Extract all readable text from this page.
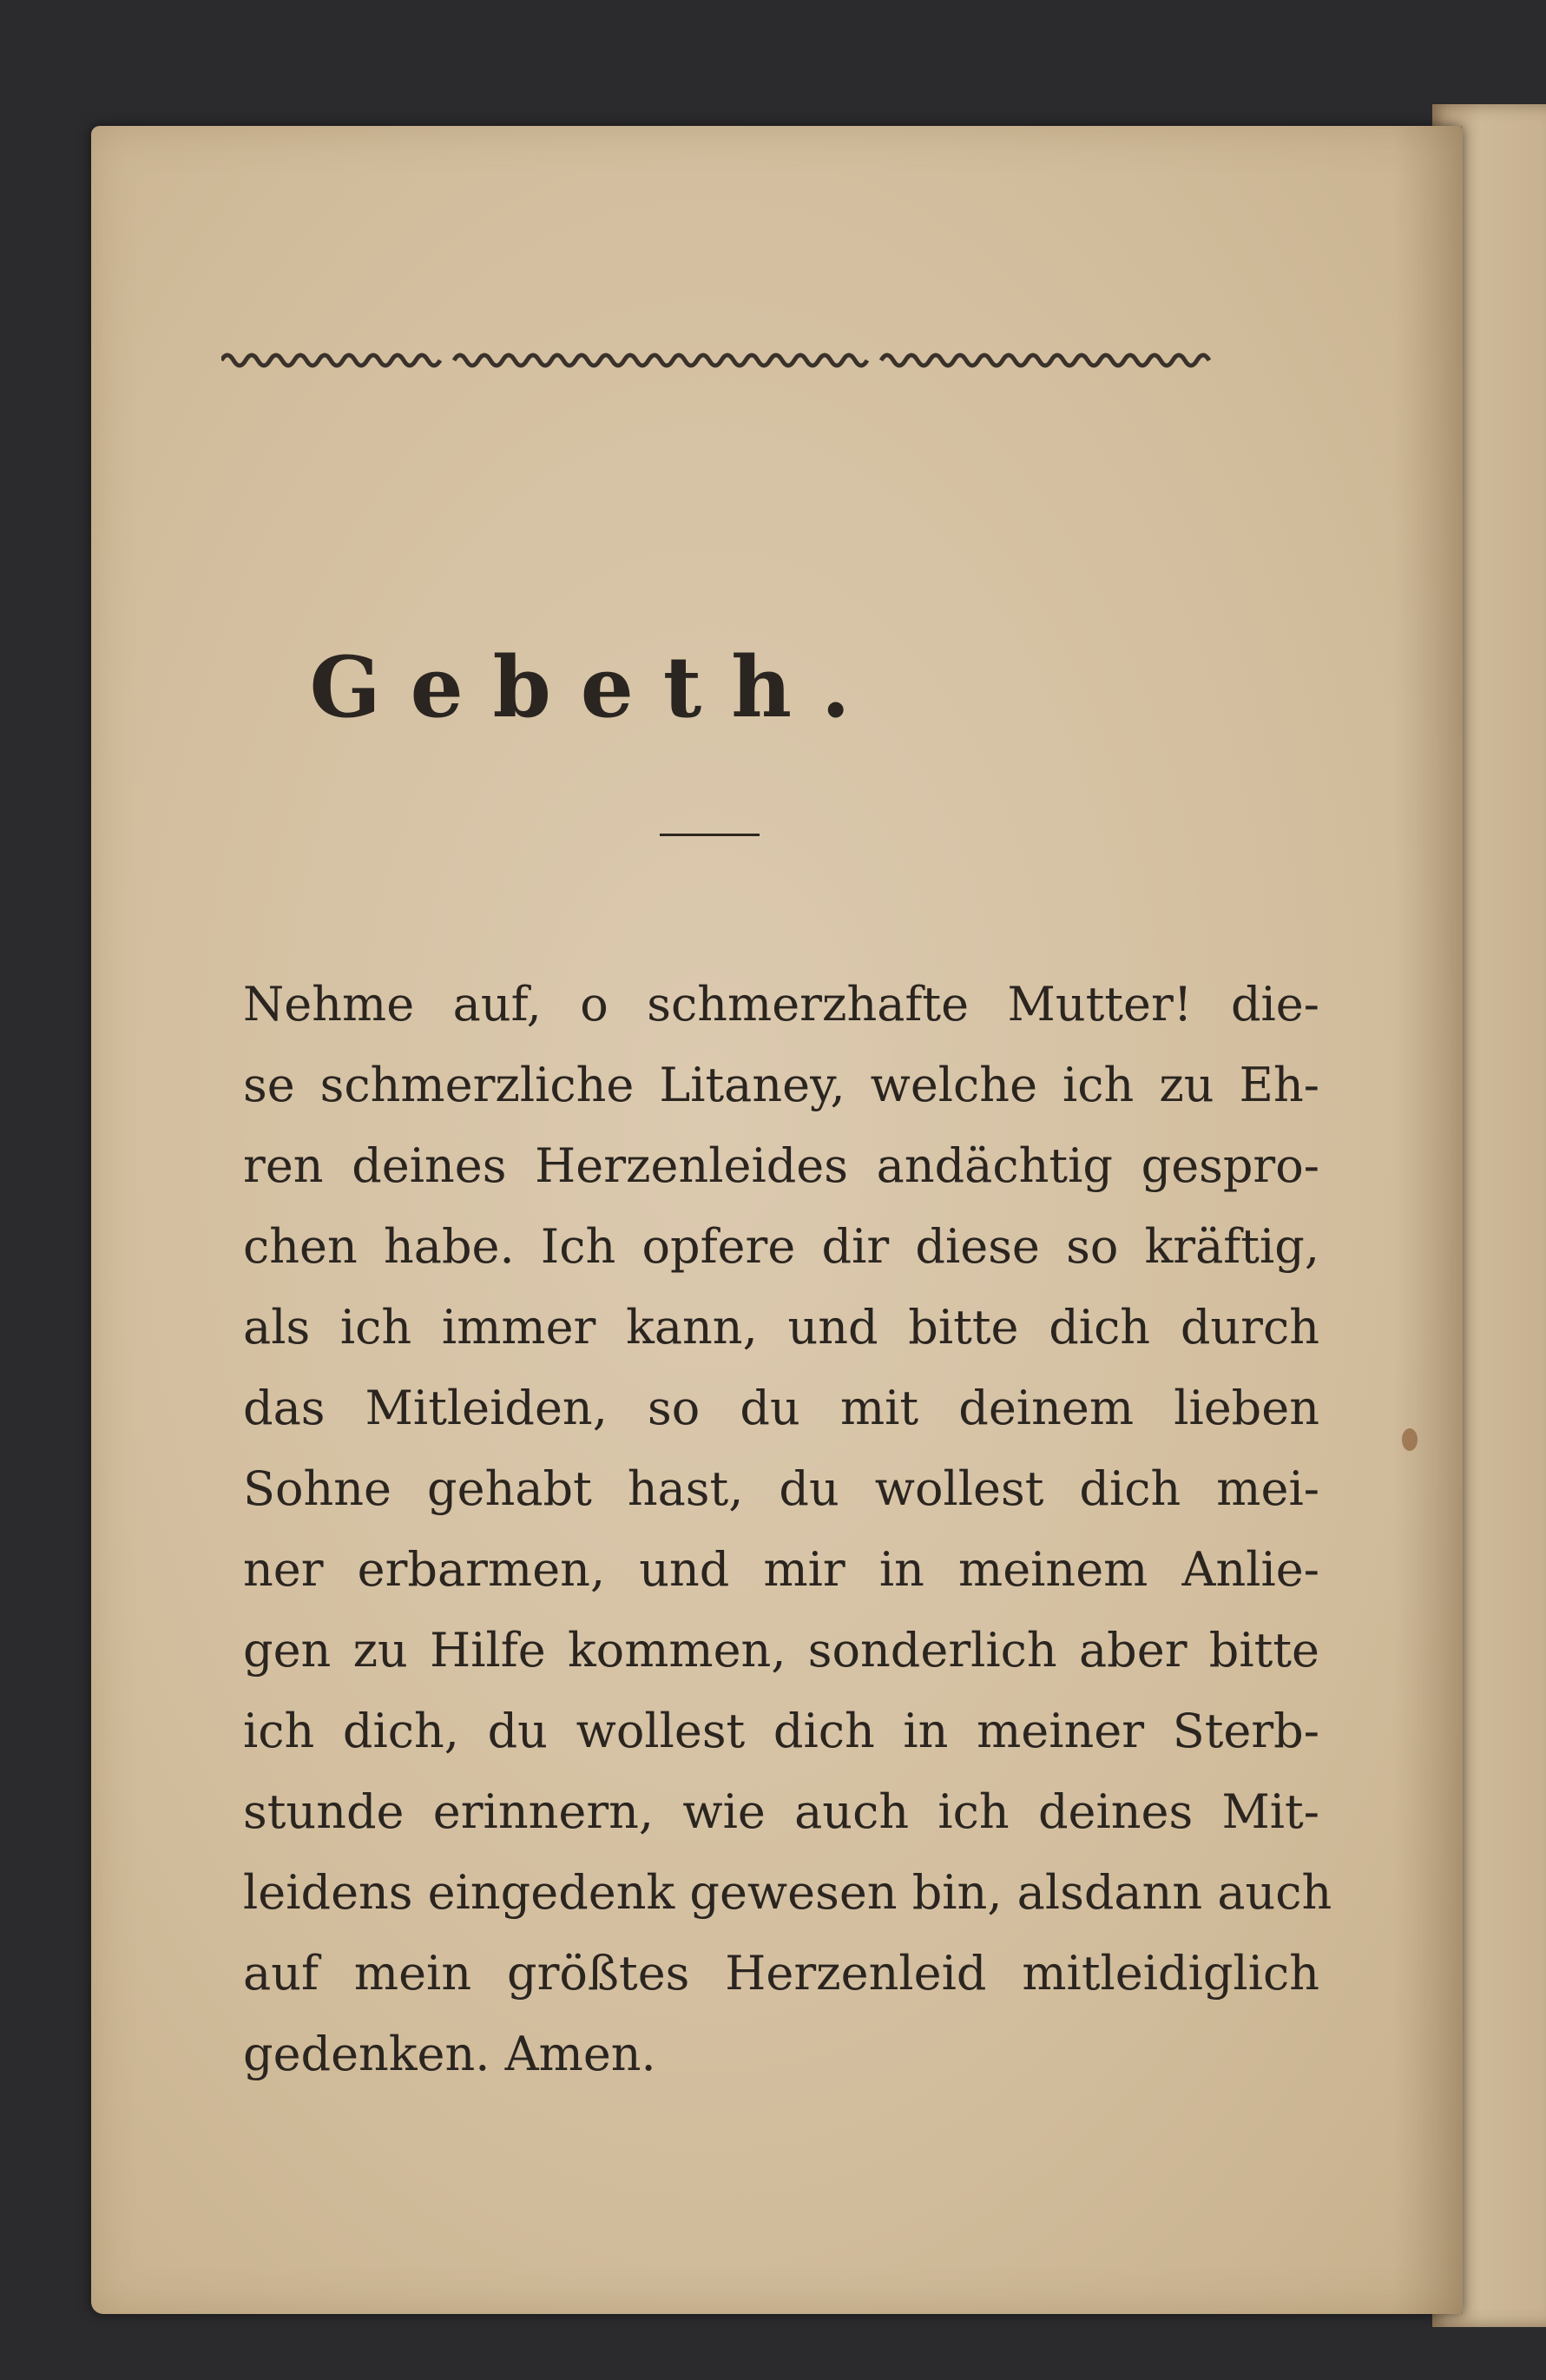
Gebeth.

Nehme auf, o schmerzhafte Mutter! die-
se schmerzliche Litaney, welche ich zu Eh-
ren deines Herzenleides andächtig gespro-
chen habe. Ich opfere dir diese so kräftig,
als ich immer kann, und bitte dich durch
das Mitleiden, so du mit deinem lieben
Sohne gehabt hast, du wollest dich mei-
ner erbarmen, und mir in meinem Anlie-
gen zu Hilfe kommen, sonderlich aber bitte
ich dich, du wollest dich in meiner Sterb-
stunde erinnern, wie auch ich deines Mit-
leidens eingedenk gewesen bin, alsdann auch
auf mein größtes Herzenleid mitleidiglich
gedenken. Amen.
